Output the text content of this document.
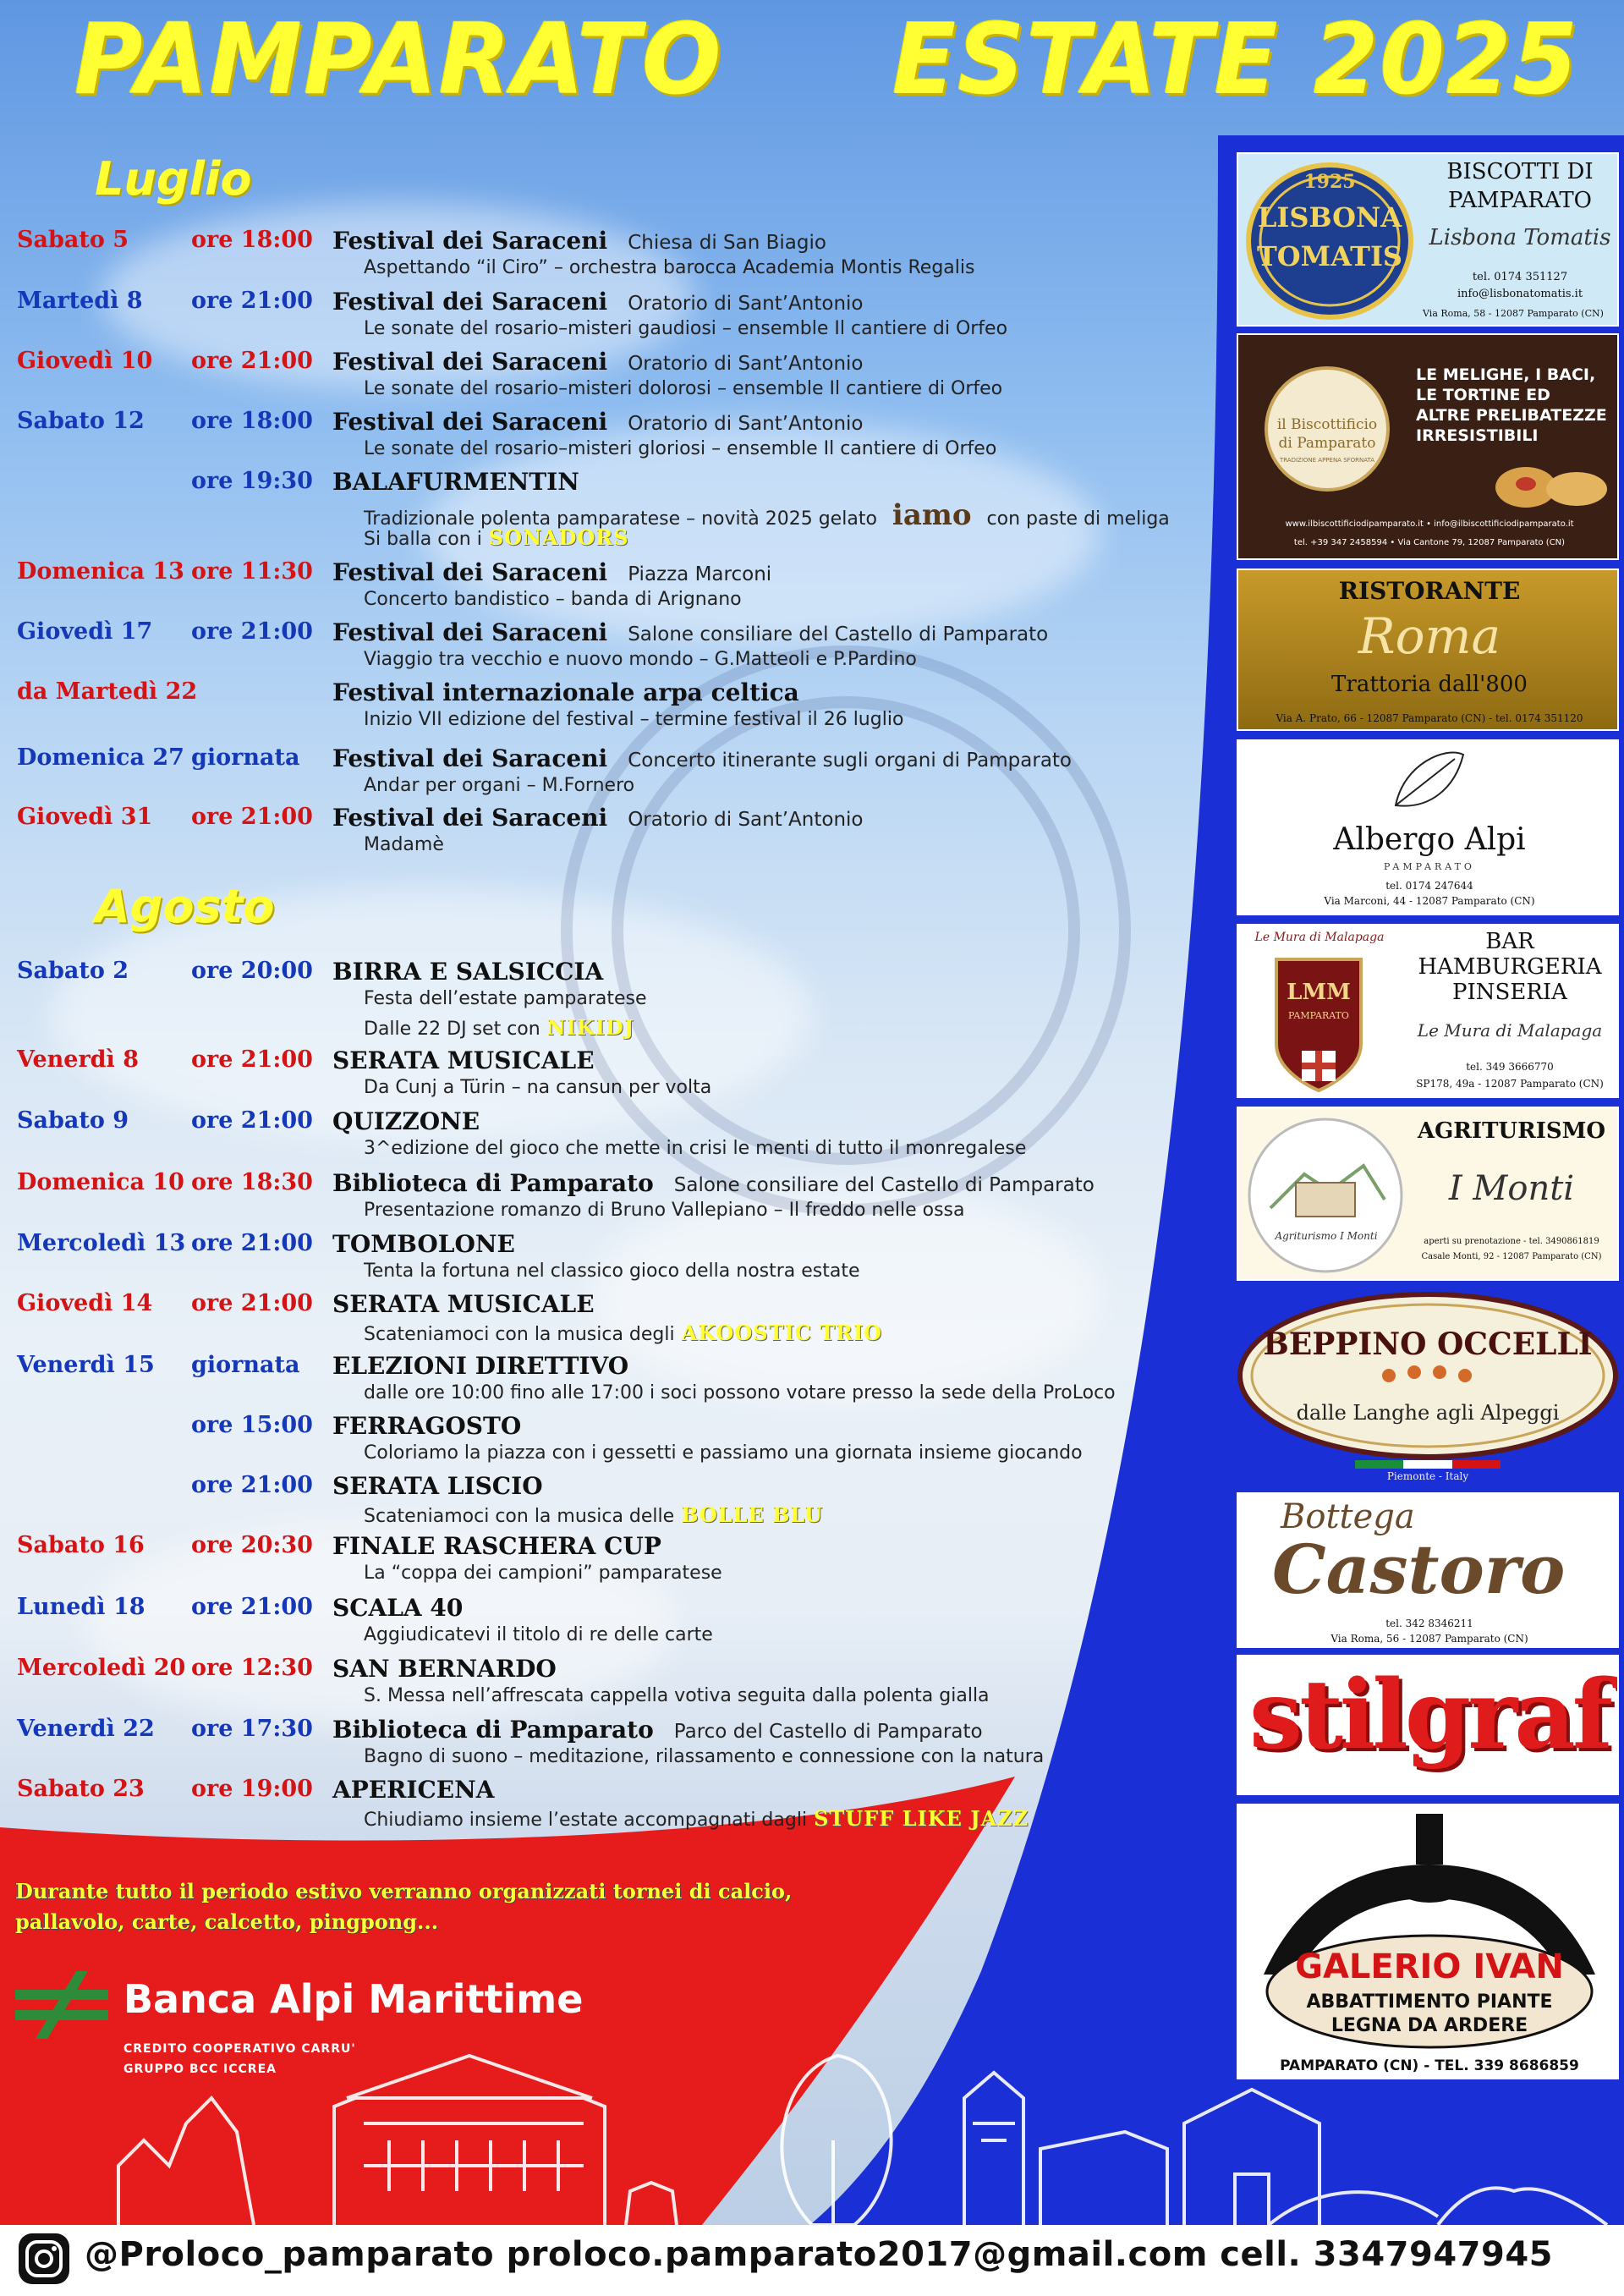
PAMPARATO ESTATE 2025
Luglio
Agosto
Sabato 5	ore 18:00 Festival dei Saraceni Chiesa di San Biagio
Aspettando “il Ciro” – orchestra barocca Academia Montis Regalis
Martedì 8 ore 21:00 Festival dei Saraceni Oratorio di Sant’Antonio
Le sonate del rosario–misteri gaudiosi – ensemble Il cantiere di Orfeo
Giovedì 10 ore 21:00 Festival dei Saraceni Oratorio di Sant’Antonio
Le sonate del rosario–misteri dolorosi – ensemble Il cantiere di Orfeo
Sabato 12 ore 18:00 Festival dei Saraceni Oratorio di Sant’Antonio
Le sonate del rosario–misteri gloriosi – ensemble Il cantiere di Orfeo
ore 19:30 BALAFURMENTIN
Tradizionale polenta pamparatese – novità 2025 gelato iamo con paste di meliga
Si balla con i SONADORS
Domenica 13 ore 11:30 Festival dei Saraceni Piazza Marconi
Concerto bandistico – banda di Arignano
Giovedì 17 ore 21:00 Festival dei Saraceni Salone consiliare del Castello di Pamparato
Viaggio tra vecchio e nuovo mondo – G.Matteoli e P.Pardino
da Martedì 22	Festival internazionale arpa celtica
Inizio VII edizione del festival – termine festival il 26 luglio
Domenica 27 giornata Festival dei Saraceni Concerto itinerante sugli organi di Pamparato
Andar per organi – M.Fornero
Giovedì 31 ore 21:00 Festival dei Saraceni Oratorio di Sant’Antonio
Madamè
Sabato 2	ore 20:00 BIRRA E SALSICCIA
Festa dell’estate pamparatese
Dalle 22 DJ set con NIKIDJ
Venerdì 8 ore 21:00 SERATA MUSICALE
Da Cunj a Türin – na cansun per volta
Sabato 9	ore 21:00 QUIZZONE
3^edizione del gioco che mette in crisi le menti di tutto il monregalese
Domenica 10 ore 18:30 Biblioteca di Pamparato Salone consiliare del Castello di Pamparato
Presentazione romanzo di Bruno Vallepiano – Il freddo nelle ossa
Mercoledì 13 ore 21:00 TOMBOLONE
Tenta la fortuna nel classico gioco della nostra estate
Giovedì 14 ore 21:00 SERATA MUSICALE
Scateniamoci con la musica degli AKOOSTIC TRIO
Venerdì 15 giornata ELEZIONI DIRETTIVO
dalle ore 10:00 fino alle 17:00 i soci possono votare presso la sede della ProLoco
ore 15:00 FERRAGOSTO
Coloriamo la piazza con i gessetti e passiamo una giornata insieme giocando
ore 21:00 SERATA LISCIO
Scateniamoci con la musica delle BOLLE BLU
Sabato 16 ore 20:30 FINALE RASCHERA CUP
La “coppa dei campioni” pamparatese
Lunedì 18 ore 21:00 SCALA 40
Aggiudicatevi il titolo di re delle carte
Mercoledì 20 ore 12:30 SAN BERNARDO
S. Messa nell’affrescata cappella votiva seguita dalla polenta gialla
Venerdì 22 ore 17:30 Biblioteca di Pamparato Parco del Castello di Pamparato
Bagno di suono – meditazione, rilassamento e connessione con la natura
Sabato 23 ore 19:00 APERICENA
Chiudiamo insieme l’estate accompagnati dagli STUFF LIKE JAZZ
Durante tutto il periodo estivo verranno organizzati tornei di calcio,
pallavolo, carte, calcetto, pingpong...
Banca Alpi Marittime
CREDITO COOPERATIVO CARRU'
GRUPPO BCC ICCREA
1925
LISBONA
TOMATIS
BISCOTTI DI
PAMPARATO
Lisbona Tomatis
tel. 0174 351127
info@lisbonatomatis.it
Via Roma, 58 - 12087 Pamparato (CN)
il Biscottificio
di Pamparato
TRADIZIONE APPENA SFORNATA
LE MELIGHE, I BACI,
LE TORTINE ED
ALTRE PRELIBATEZZE
IRRESISTIBILI
www.ilbiscottificiodipamparato.it • info@ilbiscottificiodipamparato.it
tel. +39 347 2458594 • Via Cantone 79, 12087 Pamparato (CN)
RISTORANTE
Roma
Trattoria dall'800
Via A. Prato, 66 - 12087 Pamparato (CN) - tel. 0174 351120
Albergo Alpi
PAMPARATO
tel. 0174 247644
Via Marconi, 44 - 12087 Pamparato (CN)
Le Mura di Malapaga
LMM
PAMPARATO
BAR
HAMBURGERIA
PINSERIA
Le Mura di Malapaga
tel. 349 3666770
SP178, 49a - 12087 Pamparato (CN)
Agriturismo I Monti
AGRITURISMO
I Monti
aperti su prenotazione - tel. 3490861819
Casale Monti, 92 - 12087 Pamparato (CN)
BEPPINO OCCELLI
dalle Langhe agli Alpeggi
Piemonte - Italy
Bottega
Castoro
tel. 342 8346211
Via Roma, 56 - 12087 Pamparato (CN)
stilgraf
GALERIO IVAN
ABBATTIMENTO PIANTE
LEGNA DA ARDERE
PAMPARATO (CN) - TEL. 339 8686859
@Proloco_pamparato proloco.pamparato2017@gmail.com cell. 3347947945
